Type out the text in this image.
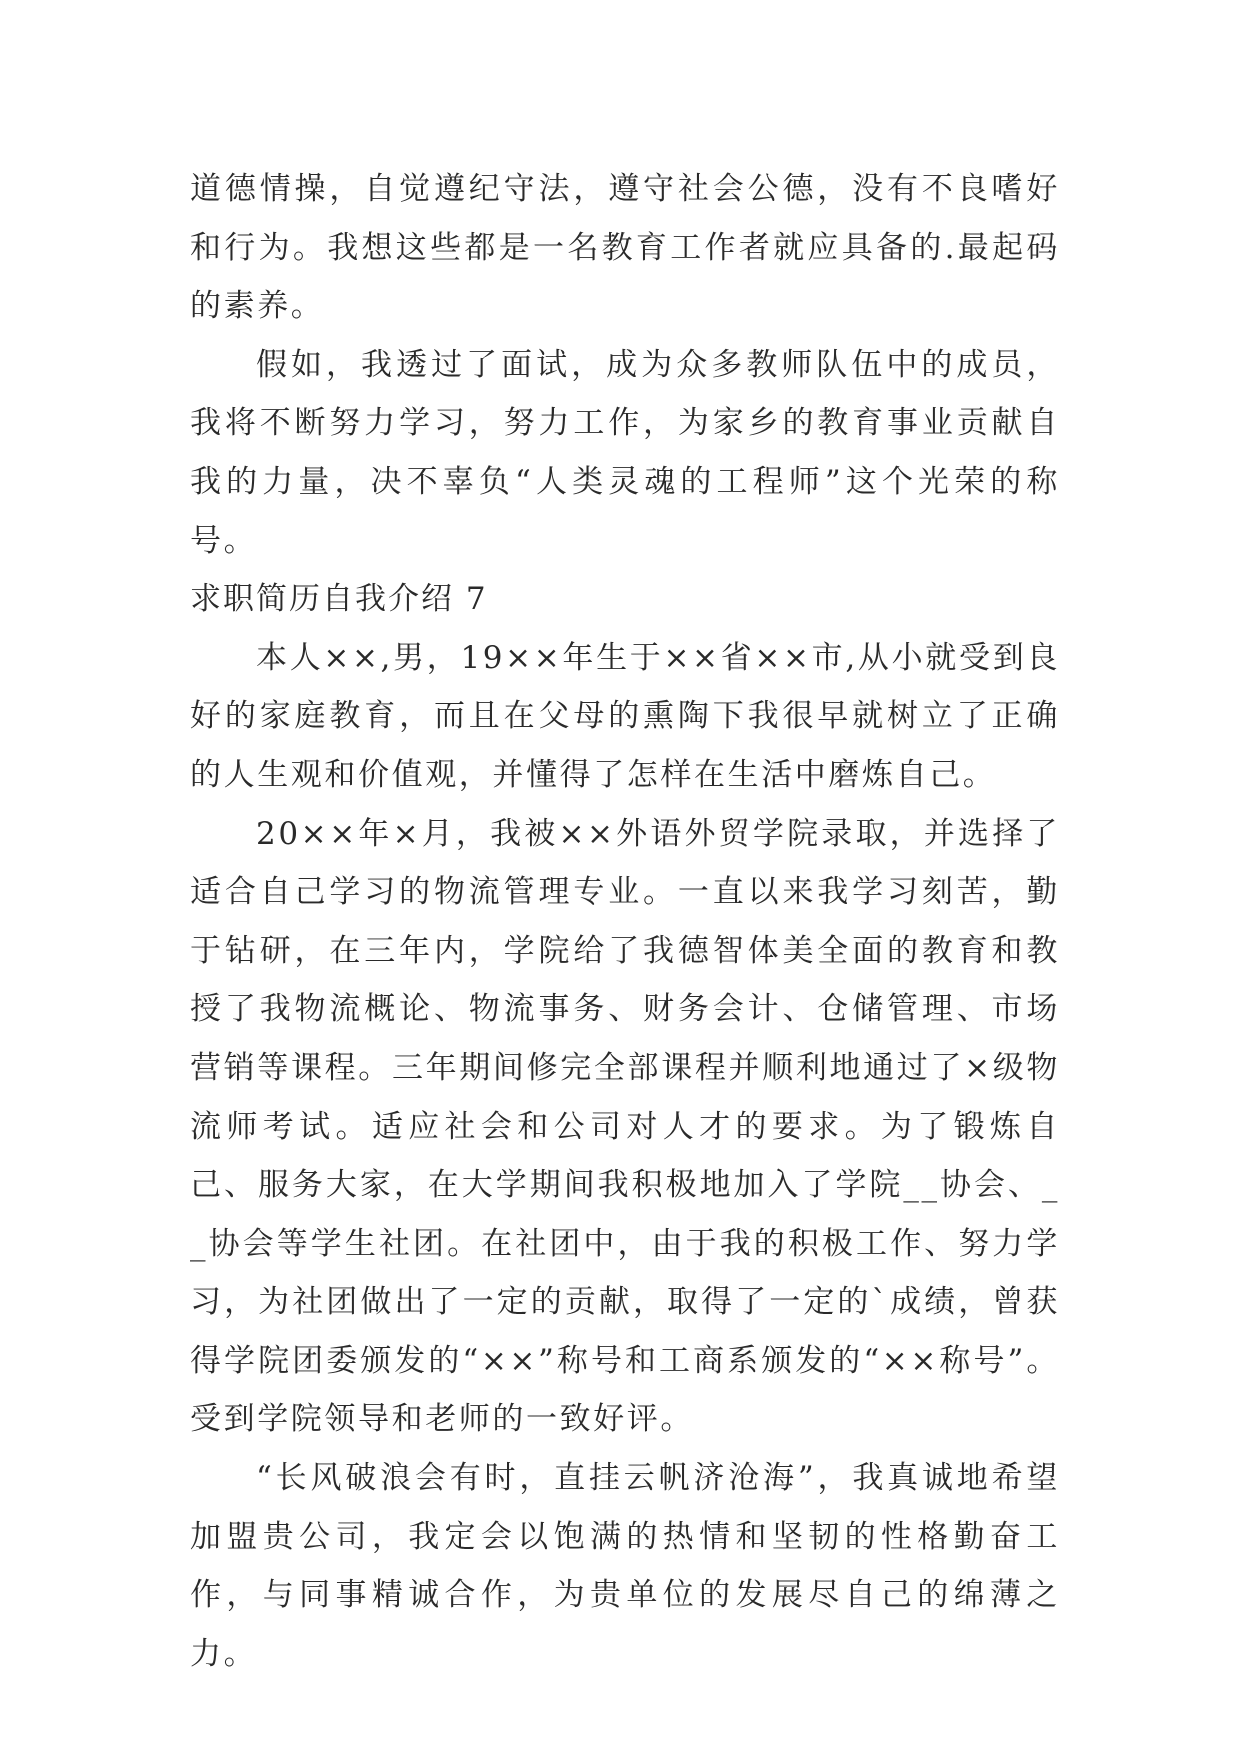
道德情操，自觉遵纪守法，遵守社会公德，没有不良嗜好和行为。我想这些都是一名教育工作者就应具备的.最起码的素养。

假如，我透过了面试，成为众多教师队伍中的成员，我将不断努力学习，努力工作，为家乡的教育事业贡献自我的力量，决不辜负“人类灵魂的工程师”这个光荣的称号。

求职简历自我介绍 7

本人××,男，19××年生于××省××市,从小就受到良好的家庭教育，而且在父母的熏陶下我很早就树立了正确的人生观和价值观，并懂得了怎样在生活中磨炼自己。

20××年×月，我被××外语外贸学院录取，并选择了适合自己学习的物流管理专业。一直以来我学习刻苦，勤于钻研，在三年内，学院给了我德智体美全面的教育和教授了我物流概论、物流事务、财务会计、仓储管理、市场营销等课程。三年期间修完全部课程并顺利地通过了×级物流师考试。适应社会和公司对人才的要求。为了锻炼自己、服务大家，在大学期间我积极地加入了学院__协会、__协会等学生社团。在社团中，由于我的积极工作、努力学习，为社团做出了一定的贡献，取得了一定的`成绩，曾获得学院团委颁发的“××”称号和工商系颁发的“××称号”。受到学院领导和老师的一致好评。

“长风破浪会有时，直挂云帆济沧海”，我真诚地希望加盟贵公司，我定会以饱满的热情和坚韧的性格勤奋工作，与同事精诚合作，为贵单位的发展尽自己的绵薄之力。
